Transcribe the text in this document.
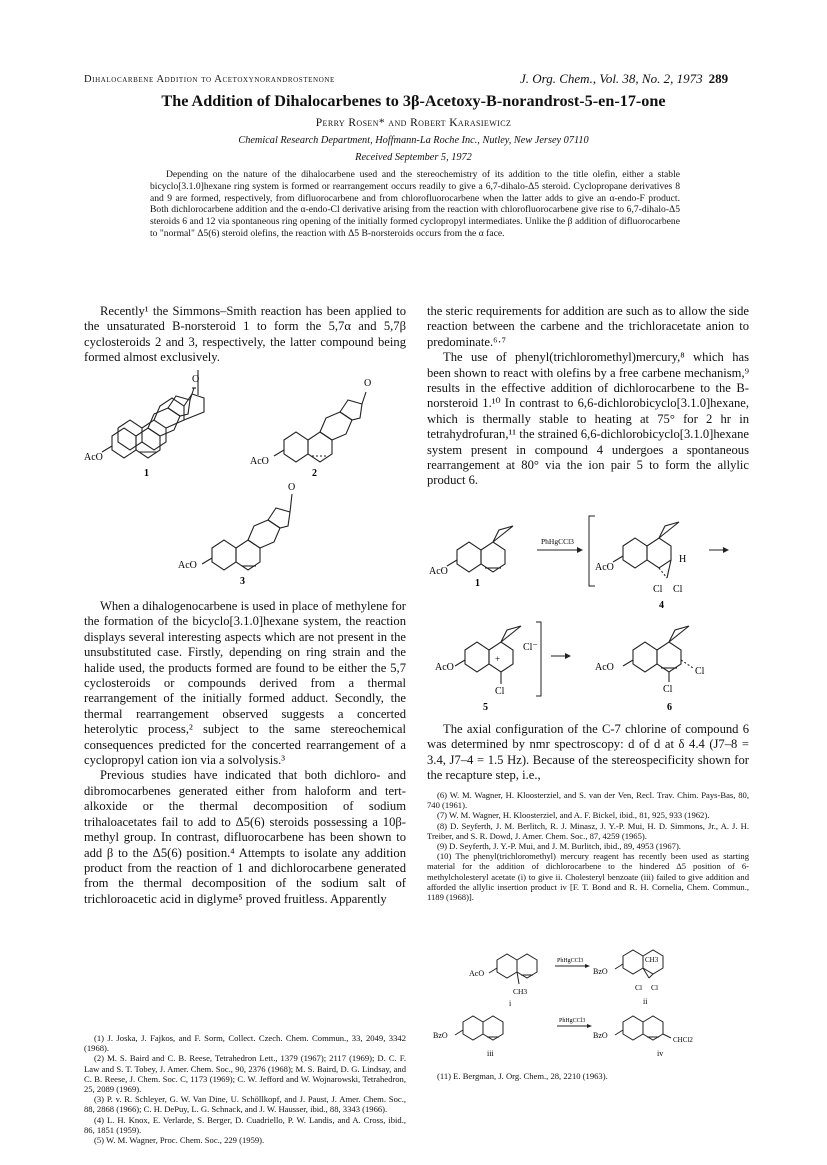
Dihalocarbene Addition to Acetoxynorandrostenone	J. Org. Chem., Vol. 38, No. 2, 1973 289
The Addition of Dihalocarbenes to 3β-Acetoxy-B-norandrost-5-en-17-one
Perry Rosen* and Robert Karasiewicz
Chemical Research Department, Hoffmann-La Roche Inc., Nutley, New Jersey 07110
Received September 5, 1972
Depending on the nature of the dihalocarbene used and the stereochemistry of its addition to the title olefin, either a stable bicyclo[3.1.0]hexane ring system is formed or rearrangement occurs readily to give a 6,7-dihalo-Δ5 steroid. Cyclopropane derivatives 8 and 9 are formed, respectively, from difluorocarbene and from chlorofluorocarbene when the latter adds to give an α-endo-F product. Both dichlorocarbene addition and the α-endo-Cl derivative arising from the reaction with chlorofluorocarbene give rise to 6,7-dihalo-Δ5 steroids 6 and 12 via spontaneous ring opening of the initially formed cyclopropyl intermediates. Unlike the β addition of difluorocarbene to "normal" Δ5(6) steroid olefins, the reaction with Δ5 B-norsteroids occurs from the α face.
Recently¹ the Simmons–Smith reaction has been applied to the unsaturated B-norsteroid 1 to form the 5,7α and 5,7β cyclosteroids 2 and 3, respectively, the latter compound being formed almost exclusively.
O
AcO
1
O
AcO
2
O
AcO
3

When a dihalogenocarbene is used in place of methylene for the formation of the bicyclo[3.1.0]hexane system, the reaction displays several interesting aspects which are not present in the unsubstituted case. Firstly, depending on ring strain and the halide used, the products formed are found to be either the 5,7 cyclosteroids or compounds derived from a thermal rearrangement of the initially formed adduct. Secondly, the thermal rearrangement observed suggests a concerted heterolytic process,² subject to the same stereochemical consequences predicted for the concerted rearrangement of a cyclopropyl cation ion via a solvolysis.³

Previous studies have indicated that both dichloro- and dibromocarbenes generated either from haloform and tert-alkoxide or the thermal decomposition of sodium trihaloacetates fail to add to Δ5(6) steroids possessing a 10β-methyl group. In contrast, difluorocarbene has been shown to add β to the Δ5(6) position.⁴ Attempts to isolate any addition product from the reaction of 1 and dichlorocarbene generated from the thermal decomposition of the sodium salt of trichloroacetic acid in diglyme⁵ proved fruitless. Apparently

(1) J. Joska, J. Fajkos, and F. Sorm, Collect. Czech. Chem. Commun., 33, 2049, 3342 (1968).

(2) M. S. Baird and C. B. Reese, Tetrahedron Lett., 1379 (1967); 2117 (1969); D. C. F. Law and S. T. Tobey, J. Amer. Chem. Soc., 90, 2376 (1968); M. S. Baird, D. G. Lindsay, and C. B. Reese, J. Chem. Soc. C, 1173 (1969); C. W. Jefford and W. Wojnarowski, Tetrahedron, 25, 2089 (1969).

(3) P. v. R. Schleyer, G. W. Van Dine, U. Schöllkopf, and J. Paust, J. Amer. Chem. Soc., 88, 2868 (1966); C. H. DePuy, L. G. Schnack, and J. W. Hausser, ibid., 88, 3343 (1966).

(4) L. H. Knox, E. Verlarde, S. Berger, D. Cuadriello, P. W. Landis, and A. Cross, ibid., 86, 1851 (1959).

(5) W. M. Wagner, Proc. Chem. Soc., 229 (1959).

the steric requirements for addition are such as to allow the side reaction between the carbene and the trichloracetate anion to predominate.⁶·⁷

The use of phenyl(trichloromethyl)mercury,⁸ which has been shown to react with olefins by a free carbene mechanism,⁹ results in the effective addition of dichlorocarbene to the B-norsteroid 1.¹⁰ In contrast to 6,6-dichlorobicyclo[3.1.0]hexane, which is thermally stable to heating at 75° for 2 hr in tetrahydrofuran,¹¹ the strained 6,6-dichlorobicyclo[3.1.0]hexane system present in compound 4 undergoes a spontaneous rearrangement at 80° via the ion pair 5 to form the allylic product 6.

AcO
1
PhHgCCl3
AcO
H
Cl Cl
4
AcO
+
Cl⁻
Cl
5
AcO	Cl
Cl
6
The axial configuration of the C-7 chlorine of compound 6 was determined by nmr spectroscopy: d of d at δ 4.4 (J7–8 = 3.4, J7–4 = 1.5 Hz). Because of the stereospecificity shown for the recapture step, i.e.,

(6) W. M. Wagner, H. Kloosterziel, and S. van der Ven, Recl. Trav. Chim. Pays-Bas, 80, 740 (1961).

(7) W. M. Wagner, H. Kloosterziel, and A. F. Bickel, ibid., 81, 925, 933 (1962).

(8) D. Seyferth, J. M. Berlitch, R. J. Minasz, J. Y.-P. Mui, H. D. Simmons, Jr., A. J. H. Treiber, and S. R. Dowd, J. Amer. Chem. Soc., 87, 4259 (1965).

(9) D. Seyferth, J. Y.-P. Mui, and J. M. Burlitch, ibid., 89, 4953 (1967).

(10) The phenyl(trichloromethyl) mercury reagent has recently been used as starting material for the addition of dichlorocarbene to the hindered Δ5 position of 6-methylcholesteryl acetate (i) to give ii. Cholesteryl benzoate (iii) failed to give addition and afforded the allylic insertion product iv [F. T. Bond and R. H. Cornelia, Chem. Commun., 1189 (1968)].

AcO
CH3
i
PhHgCCl3
BzO
CH3
Cl Cl
ii
BzO
iii
PhHgCCl3
BzO	CHCl2
iv

(11) E. Bergman, J. Org. Chem., 28, 2210 (1963).
